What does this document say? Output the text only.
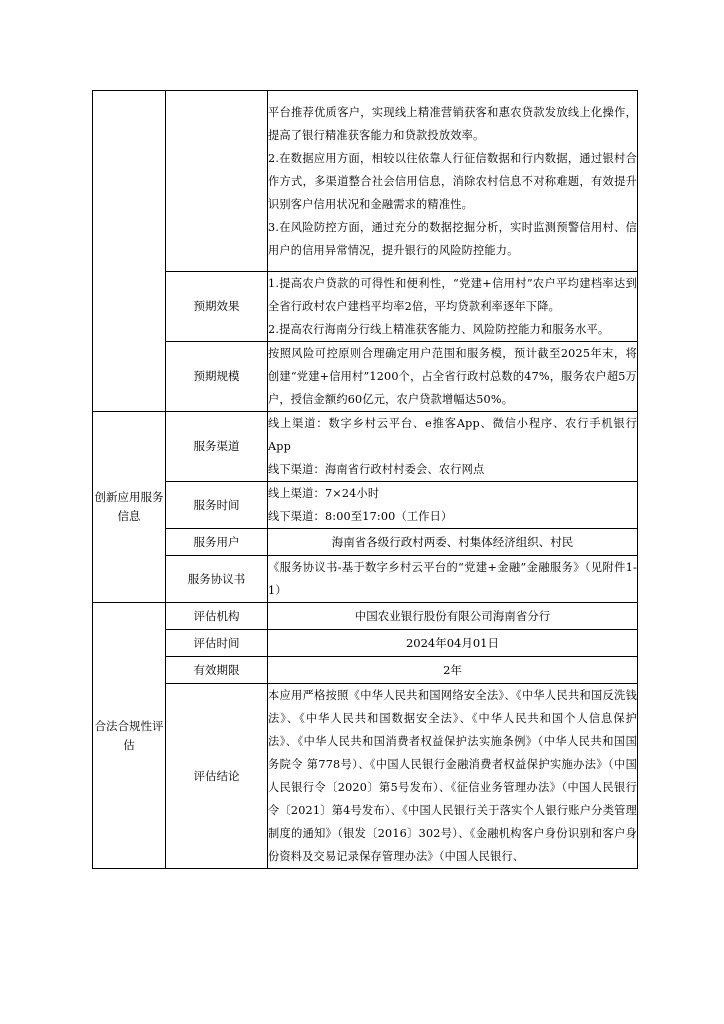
		平台推荐优质客户，实现线上精准营销获客和惠农贷款发放线上化操作，提高了银行精准获客能力和贷款投放效率。

2.在数据应用方面，相较以往依靠人行征信数据和行内数据，通过银村合作方式，多渠道整合社会信用信息，消除农村信息不对称难题，有效提升识别客户信用状况和金融需求的精准性。

3.在风险防控方面，通过充分的数据挖掘分析，实时监测预警信用村、信用户的信用异常情况，提升银行的风险防控能力。

	预期效果	1.提高农户贷款的可得性和便利性，“党建+信用村”农户平均建档率达到全省行政村农户建档平均率2倍，平均贷款利率逐年下降。

2.提高农行海南分行线上精准获客能力、风险防控能力和服务水平。

	预期规模	按照风险可控原则合理确定用户范围和服务模，预计截至2025年末，将创建“党建+信用村”1200个，占全省行政村总数的47%，服务农户超5万户，授信金额约60亿元，农户贷款增幅达50%。

创新应用服务信息	服务渠道	线上渠道：数字乡村云平台、e推客App、微信小程序、农行手机银行App

线下渠道：海南省行政村村委会、农行网点

	服务时间	线上渠道：7×24小时

线下渠道：8:00至17:00（工作日）

	服务用户	海南省各级行政村两委、村集体经济组织、村民
	服务协议书	《服务协议书-基于数字乡村云平台的“党建+金融”金融服务》（见附件1-1）

合法合规性评估	评估机构	中国农业银行股份有限公司海南省分行
	评估时间	2024年04月01日
	有效期限	2年
	评估结论	本应用严格按照《中华人民共和国网络安全法》、《中华人民共和国反洗钱法》、《中华人民共和国数据安全法》、《中华人民共和国个人信息保护法》、《中华人民共和国消费者权益保护法实施条例》（中华人民共和国国务院令 第778号）、《中国人民银行金融消费者权益保护实施办法》（中国人民银行令〔2020〕第5号发布）、《征信业务管理办法》（中国人民银行令〔2021〕第4号发布）、《中国人民银行关于落实个人银行账户分类管理制度的通知》（银发〔2016〕302号）、《金融机构客户身份识别和客户身份资料及交易记录保存管理办法》（中国人民银行、
